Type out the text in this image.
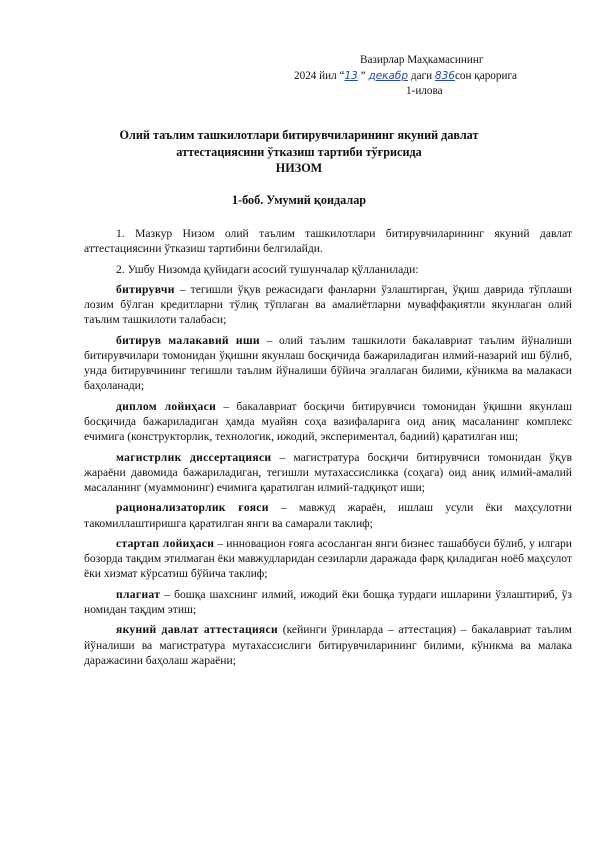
Вазирлар Маҳкамасининг
2024 йил “13 ” декабр даги 836сон қарорига
1-илова
Олий таълим ташкилотлари битирувчиларининг якуний давлат
аттестациясини ўтказиш тартиби тўғрисида
НИЗОМ
1-боб. Умумий қоидалар

1. Мазкур Низом олий таълим ташкилотлари битирувчиларининг якуний давлат аттестациясини ўтказиш тартибини белгилайди.

2. Ушбу Низомда қуйидаги асосий тушунчалар қўлланилади:

битирувчи – тегишли ўқув режасидаги фанларни ўзлаштирган, ўқиш даврида тўплаши лозим бўлган кредитларни тўлиқ тўплаган ва амалиётларни муваффақиятли якунлаган олий таълим ташкилоти талабаси;

битирув малакавий иши – олий таълим ташкилоти бакалавриат таълим йўналиши битирувчилари томонидан ўқишни якунлаш босқичида бажариладиган илмий-назарий иш бўлиб, унда битирувчининг тегишли таълим йўналиши бўйича эгаллаган билими, кўникма ва малакаси баҳоланади;

диплом лойиҳаси – бакалавриат босқичи битирувчиси томонидан ўқишни якунлаш босқичида бажариладиган ҳамда муайян соҳа вазифаларига оид аниқ масаланинг комплекс ечимига (конструкторлик, технологик, ижодий, экспериментал, бадиий) қаратилган иш;

магистрлик диссертацияси – магистратура босқичи битирувчиси томонидан ўқув жараёни давомида бажариладиган, тегишли мутахассисликка (соҳага) оид аниқ илмий-амалий масаланинг (муаммонинг) ечимига қаратилган илмий-тадқиқот иши;

рационализаторлик ғояси – мавжуд жараён, ишлаш усули ёки маҳсулотни такомиллаштиришга қаратилган янги ва самарали таклиф;

стартап лойиҳаси – инновацион ғояга асосланган янги бизнес ташаббуси бўлиб, у илгари бозорда тақдим этилмаган ёки мавжудларидан сезиларли даражада фарқ қиладиган ноёб маҳсулот ёки хизмат кўрсатиш бўйича таклиф;

плагиат – бошқа шахснинг илмий, ижодий ёки бошқа турдаги ишларини ўзлаштириб, ўз номидан тақдим этиш;

якуний давлат аттестацияси (кейинги ўринларда – аттестация) – бакалавриат таълим йўналиши ва магистратура мутахассислиги битирувчиларининг билими, кўникма ва малака даражасини баҳолаш жараёни;
